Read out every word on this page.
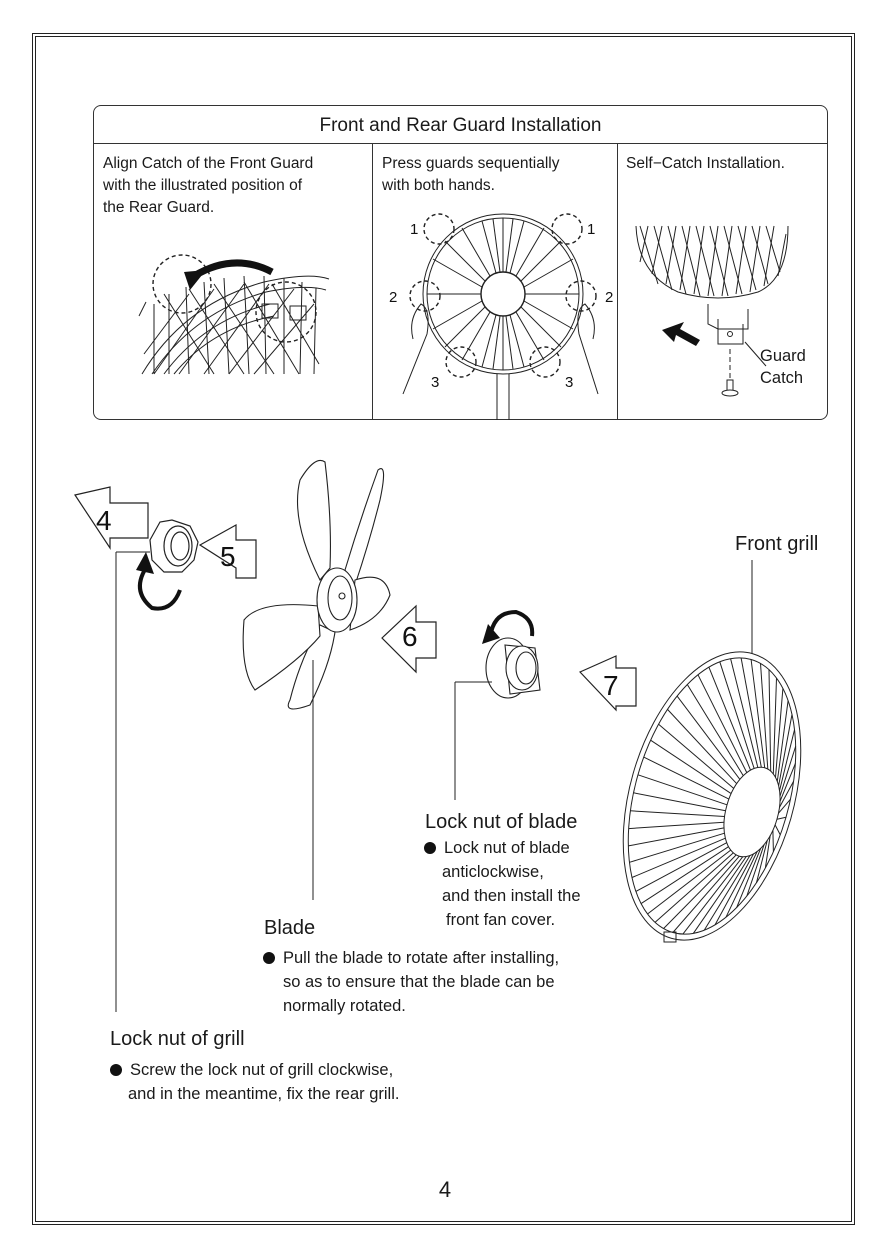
Front and Rear Guard Installation
Align Catch of the Front Guard
with the illustrated position of
the Rear Guard.
Press guards sequentially
with both hands.
1	1
2	2
3	3
Self−Catch Installation.
Guard
Catch
4
5
6
7
Front grill
Lock nut of blade
Lock nut of blade
anticlockwise,
and then install the
front fan cover.
Blade
Pull the blade to rotate after installing,
so as to ensure that the blade can be
normally rotated.
Lock nut of grill
Screw the lock nut of grill clockwise,
and in the meantime, fix the rear grill.
4
